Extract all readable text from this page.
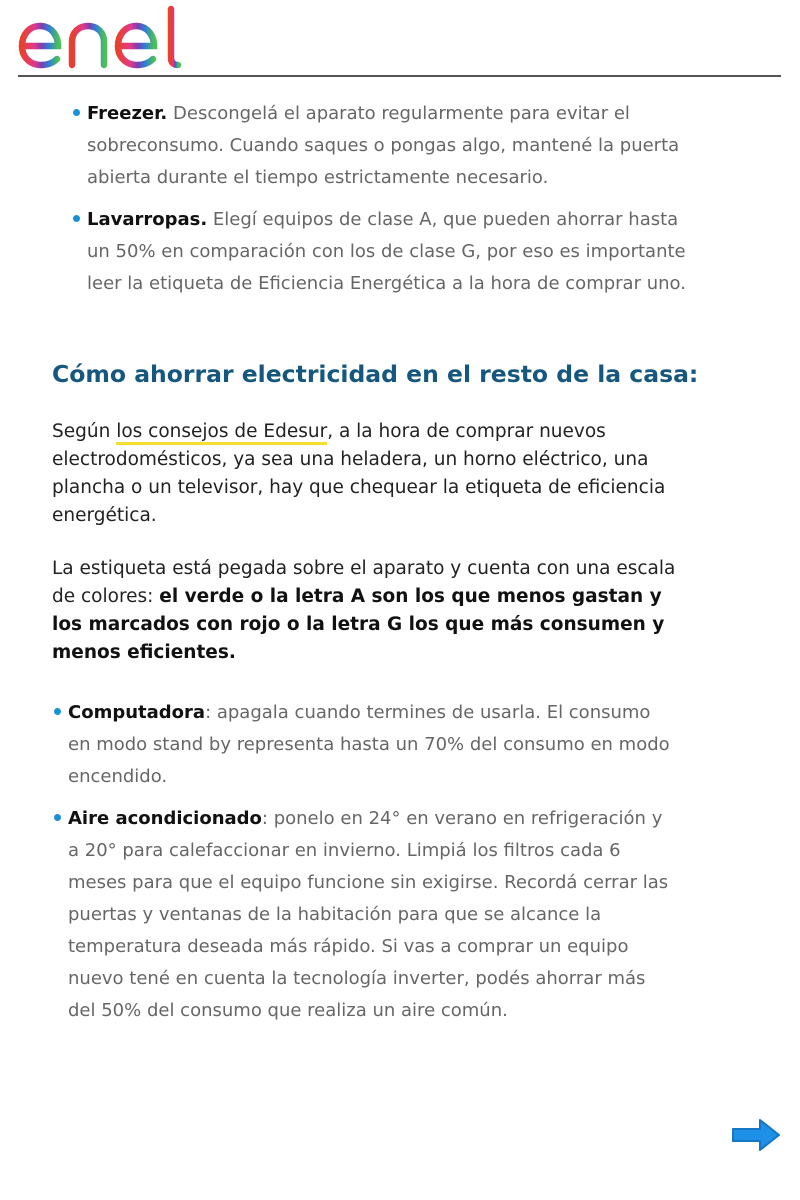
Freezer. Descongelá el aparato regularmente para evitar el sobreconsumo. Cuando saques o pongas algo, mantené la puerta abierta durante el tiempo estrictamente necesario.
Lavarropas. Elegí equipos de clase A, que pueden ahorrar hasta un 50% en comparación con los de clase G, por eso es importante leer la etiqueta de Eficiencia Energética a la hora de comprar uno.
Cómo ahorrar electricidad en el resto de la casa:

Según los consejos de Edesur, a la hora de comprar nuevos electrodomésticos, ya sea una heladera, un horno eléctrico, una plancha o un televisor, hay que chequear la etiqueta de eficiencia energética.

La estiqueta está pegada sobre el aparato y cuenta con una escala de colores: el verde o la letra A son los que menos gastan y los marcados con rojo o la letra G los que más consumen y menos eficientes.

Computadora: apagala cuando termines de usarla. El consumo en modo stand by representa hasta un 70% del consumo en modo encendido.
Aire acondicionado: ponelo en 24° en verano en refrigeración y a 20° para calefaccionar en invierno. Limpiá los filtros cada 6 meses para que el equipo funcione sin exigirse. Recordá cerrar las puertas y ventanas de la habitación para que se alcance la temperatura deseada más rápido. Si vas a comprar un equipo nuevo tené en cuenta la tecnología inverter, podés ahorrar más del 50% del consumo que realiza un aire común.
